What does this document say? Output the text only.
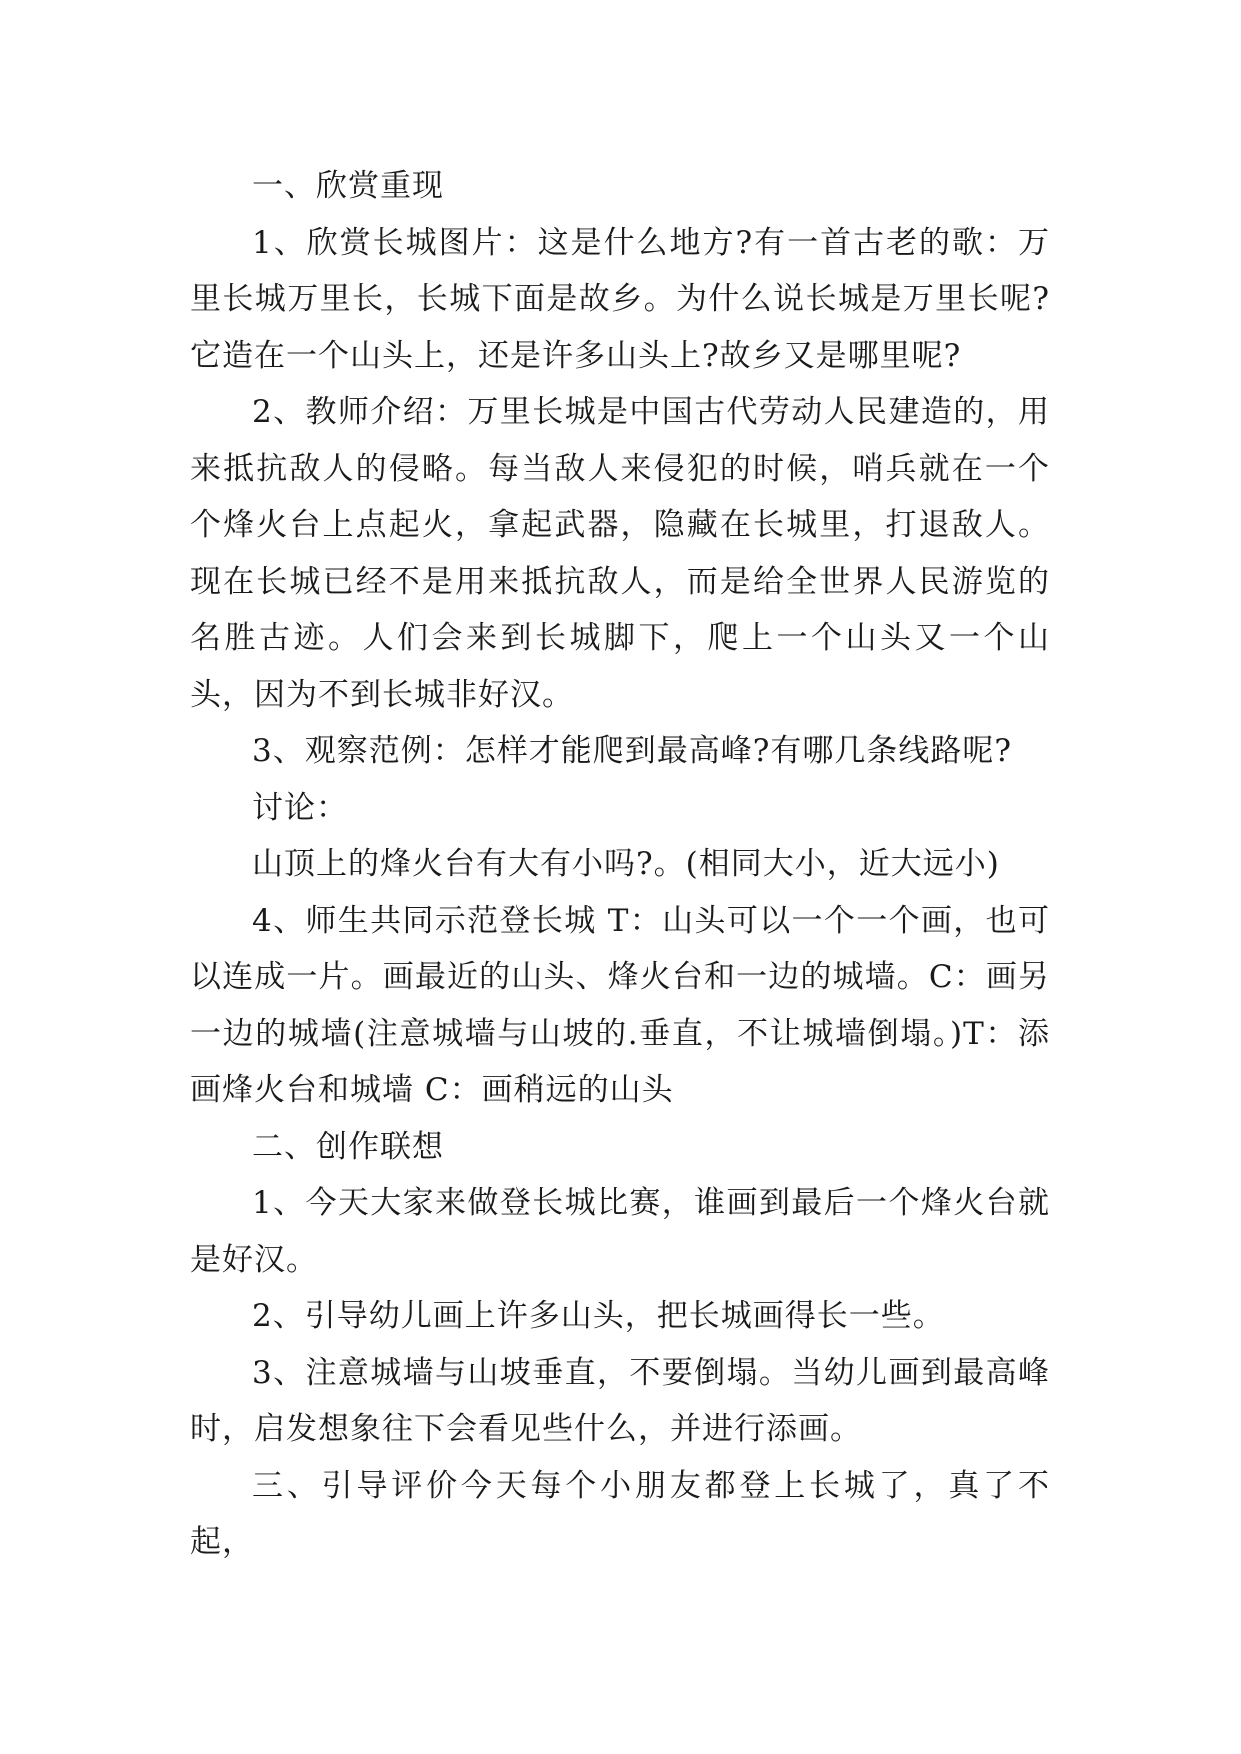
一、欣赏重现

1、欣赏长城图片：这是什么地方?有一首古老的歌：万里长城万里长，长城下面是故乡。为什么说长城是万里长呢?它造在一个山头上，还是许多山头上?故乡又是哪里呢?

2、教师介绍：万里长城是中国古代劳动人民建造的，用来抵抗敌人的侵略。每当敌人来侵犯的时候，哨兵就在一个个烽火台上点起火，拿起武器，隐藏在长城里，打退敌人。现在长城已经不是用来抵抗敌人，而是给全世界人民游览的名胜古迹。人们会来到长城脚下，爬上一个山头又一个山头，因为不到长城非好汉。

3、观察范例：怎样才能爬到最高峰?有哪几条线路呢?

讨论：

山顶上的烽火台有大有小吗?。(相同大小，近大远小)

4、师生共同示范登长城 T：山头可以一个一个画，也可以连成一片。画最近的山头、烽火台和一边的城墙。C：画另一边的城墙(注意城墙与山坡的.垂直，不让城墙倒塌。)T：添画烽火台和城墙 C：画稍远的山头

二、创作联想

1、今天大家来做登长城比赛，谁画到最后一个烽火台就是好汉。

2、引导幼儿画上许多山头，把长城画得长一些。

3、注意城墙与山坡垂直，不要倒塌。当幼儿画到最高峰时，启发想象往下会看见些什么，并进行添画。

三、引导评价今天每个小朋友都登上长城了，真了不起，
